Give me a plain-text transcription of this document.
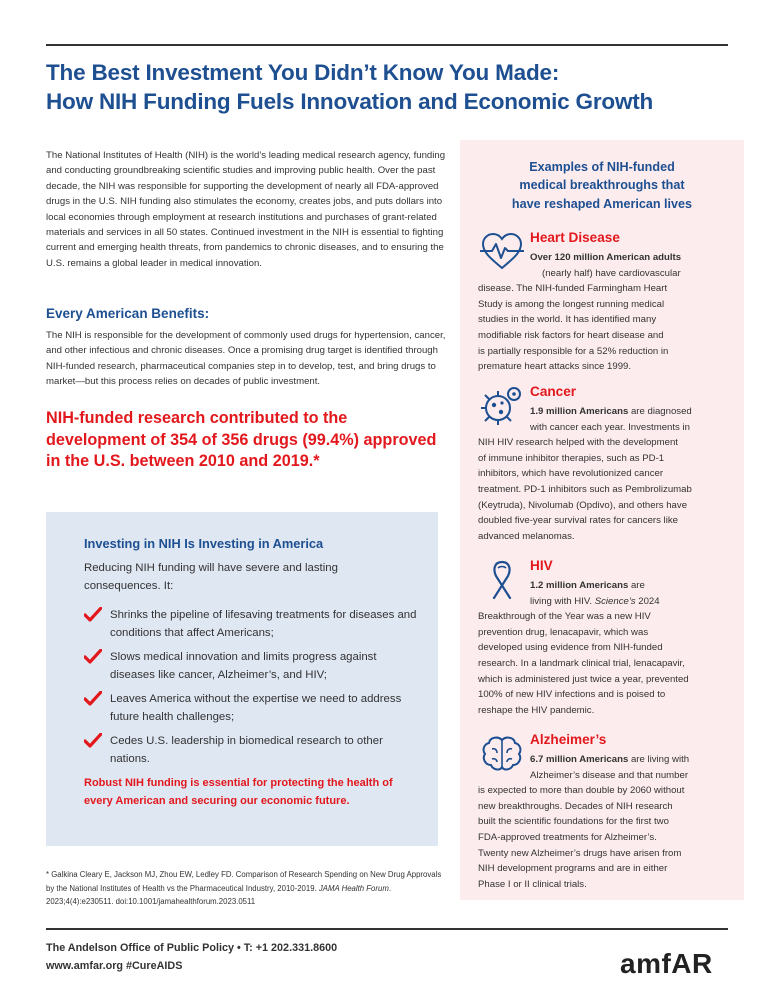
The Best Investment You Didn’t Know You Made:
How NIH Funding Fuels Innovation and Economic Growth

The National Institutes of Health (NIH) is the world’s leading medical research agency, funding and conducting groundbreaking scientific studies and improving public health. Over the past decade, the NIH was responsible for supporting the development of nearly all FDA-approved drugs in the U.S. NIH funding also stimulates the economy, creates jobs, and puts dollars into local economies through employment at research institutions and purchases of grant-related materials and services in all 50 states. Continued investment in the NIH is essential to fighting current and emerging health threats, from pandemics to chronic diseases, and to ensuring the U.S. remains a global leader in medical innovation.

Every American Benefits:

The NIH is responsible for the development of commonly used drugs for hypertension, cancer, and other infectious and chronic diseases. Once a promising drug target is identified through NIH-funded research, pharmaceutical companies step in to develop, test, and bring drugs to market—but this process relies on decades of public investment.

NIH-funded research contributed to the development of 354 of 356 drugs (99.4%) approved in the U.S. between 2010 and 2019.*

Investing in NIH Is Investing in America

Reducing NIH funding will have severe and lasting consequences. It:

Shrinks the pipeline of lifesaving treatments for diseases and conditions that affect Americans;
Slows medical innovation and limits progress against diseases like cancer, Alzheimer’s, and HIV;
Leaves America without the expertise we need to address future health challenges;
Cedes U.S. leadership in biomedical research to other nations.

Robust NIH funding is essential for protecting the health of every American and securing our economic future.

* Galkina Cleary E, Jackson MJ, Zhou EW, Ledley FD. Comparison of Research Spending on New Drug Approvals by the National Institutes of Health vs the Pharmaceutical Industry, 2010-2019. JAMA Health Forum. 2023;4(4):e230511. doi:10.1001/jamahealthforum.2023.0511

Examples of NIH-funded
medical breakthroughs that
have reshaped American lives
Heart Disease

Over 120 million American adults
(nearly half) have cardiovascular
disease. The NIH-funded Farmingham Heart
Study is among the longest running medical
studies in the world. It has identified many
modifiable risk factors for heart disease and
is partially responsible for a 52% reduction in
premature heart attacks since 1999.

Cancer

1.9 million Americans are diagnosed
with cancer each year. Investments in
NIH HIV research helped with the development
of immune inhibitor therapies, such as PD-1
inhibitors, which have revolutionized cancer
treatment. PD-1 inhibitors such as Pembrolizumab
(Keytruda), Nivolumab (Opdivo), and others have
doubled five-year survival rates for cancers like
advanced melanomas.

HIV

1.2 million Americans are
living with HIV. Science’s 2024
Breakthrough of the Year was a new HIV
prevention drug, lenacapavir, which was
developed using evidence from NIH-funded
research. In a landmark clinical trial, lenacapavir,
which is administered just twice a year, prevented
100% of new HIV infections and is poised to
reshape the HIV pandemic.

Alzheimer’s

6.7 million Americans are living with
Alzheimer’s disease and that number
is expected to more than double by 2060 without
new breakthroughs. Decades of NIH research
built the scientific foundations for the first two
FDA-approved treatments for Alzheimer’s.
Twenty new Alzheimer’s drugs have arisen from
NIH development programs and are in either
Phase I or II clinical trials.

The Andelson Office of Public Policy • T: +1 202.331.8600

www.amfar.org #CureAIDS	amfAR
